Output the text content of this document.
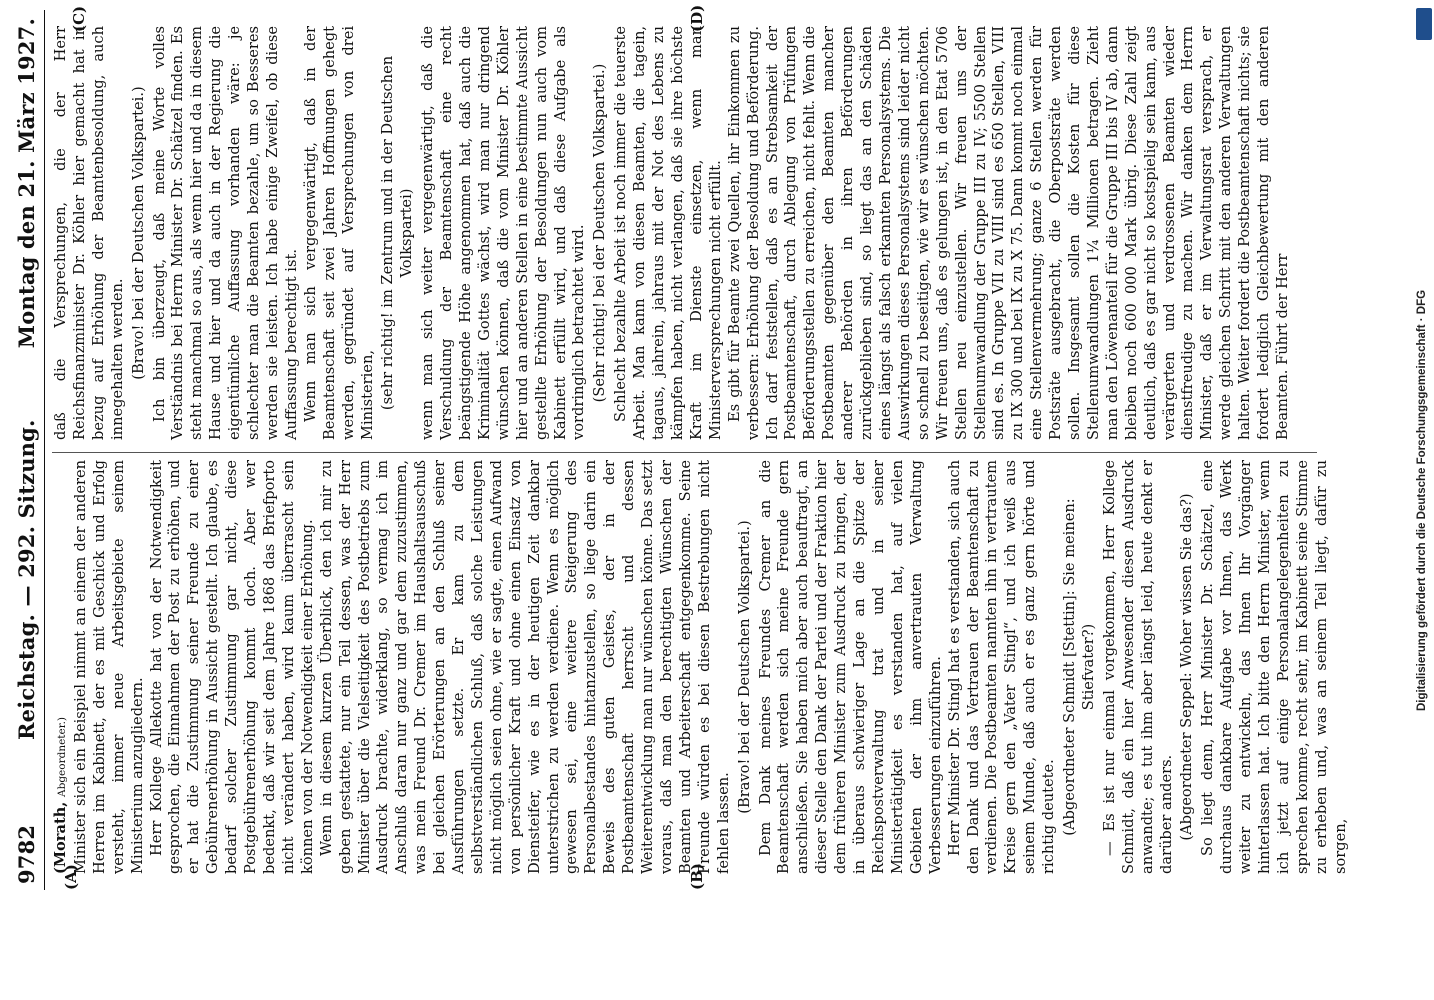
9782
Reichstag. — 292. Sitzung.
Montag den 21. März 1927.
(A)	(B)
(C)	(D)

(Morath, Abgeordneter.) Minister sich ein Beispiel nimmt an einem der anderen Herren im Kabinett, der es mit Geschick und Erfolg versteht, immer neue Arbeitsgebiete seinem Ministerium anzugliedern. Herr Kollege Allekotte hat von der Notwendigkeit gesprochen, die Einnahmen der Post zu erhöhen, und er hat die Zustimmung seiner Freunde zu einer Gebührenerhöhung in Aussicht gestellt. Ich glaube, es bedarf solcher Zustimmung gar nicht, diese Postgebührenerhöhung kommt doch. Aber wer bedenkt, daß wir seit dem Jahre 1868 das Briefporto nicht verändert haben, wird kaum überrascht sein können von der Notwendigkeit einer Erhöhung. Wenn in diesem kurzen Überblick, den ich mir zu geben gestattete, nur ein Teil dessen, was der Herr Minister über die Vielseitigkeit des Postbetriebs zum Ausdruck brachte, widerklang, so vermag ich im Anschluß daran nur ganz und gar dem zuzustimmen, was mein Freund Dr. Cremer im Haushaltsausschuß bei gleichen Erörterungen an den Schluß seiner Ausführungen setzte. Er kam zu dem selbstverständlichen Schluß, daß solche Leistungen nicht möglich seien ohne, wie er sagte, einen Aufwand von persönlicher Kraft und ohne einen Einsatz von Diensteifer, wie es in der heutigen Zeit dankbar unterstrichen zu werden verdiene. Wenn es möglich gewesen sei, eine weitere Steigerung des Personalbestandes hintanzustellen, so liege darin ein Beweis des guten Geistes, der in der Postbeamtenschaft herrscht und dessen Weiterentwicklung man nur wünschen könne. Das setzt voraus, daß man den berechtigten Wünschen der Beamten und Arbeiterschaft entgegenkomme. Seine Freunde würden es bei diesen Bestrebungen nicht fehlen lassen.

(Bravo! bei der Deutschen Volkspartei.) Dem Dank meines Freundes Cremer an die Beamtenschaft werden sich meine Freunde gern anschließen. Sie haben mich aber auch beauftragt, an dieser Stelle den Dank der Partei und der Fraktion hier dem früheren Minister zum Ausdruck zu bringen, der in überaus schwieriger Lage an die Spitze der Reichspostverwaltung trat und in seiner Ministertätigkeit es verstanden hat, auf vielen Gebieten der ihm anvertrauten Verwaltung Verbesserungen einzuführen. Herr Minister Dr. Stingl hat es verstanden, sich auch den Dank und das Vertrauen der Beamtenschaft zu verdienen. Die Postbeamten nannten ihn in vertrautem Kreise gern den „Vater Stingl“, und ich weiß aus seinem Munde, daß auch er es ganz gern hörte und richtig deutete. (Abgeordneter Schmidt [Stettin]: Sie meinen: Stiefvater?) — Es ist nur einmal vorgekommen, Herr Kollege Schmidt, daß ein hier Anwesender diesen Ausdruck anwandte; es tut ihm aber längst leid, heute denkt er darüber anders. (Abgeordneter Seppel: Woher wissen Sie das?) So liegt denn, Herr Minister Dr. Schätzel, eine durchaus dankbare Aufgabe vor Ihnen, das Werk weiter zu entwickeln, das Ihnen Ihr Vorgänger hinterlassen hat. Ich bitte den Herrn Minister, wenn ich jetzt auf einige Personalangelegenheiten zu sprechen komme, recht sehr, im Kabinett seine Stimme zu erheben und, was an seinem Teil liegt, dafür zu sorgen,

daß die Versprechungen, die der Herr Reichsfinanzminister Dr. Köhler hier gemacht hat in bezug auf Erhöhung der Beamtenbesoldung, auch innegehalten werden. (Bravo! bei der Deutschen Volkspartei.) Ich bin überzeugt, daß meine Worte volles Verständnis bei Herrn Minister Dr. Schätzel finden. Es steht manchmal so aus, als wenn hier und da in diesem Hause und hier und da auch in der Regierung die eigentümliche Auffassung vorhanden wäre: je schlechter man die Beamten bezahle, um so Besseres werden sie leisten. Ich habe einige Zweifel, ob diese Auffassung berechtigt ist. Wenn man sich vergegenwärtigt, daß in der Beamtenschaft seit zwei Jahren Hoffnungen gehegt werden, gegründet auf Versprechungen von drei Ministerien, (sehr richtig! im Zentrum und in der Deutschen Volkspartei) wenn man sich weiter vergegenwärtigt, daß die Verschuldung der Beamtenschaft eine recht beängstigende Höhe angenommen hat, daß auch die Kriminalität Gottes wächst, wird man nur dringend wünschen können, daß die vom Minister Dr. Köhler hier und an anderen Stellen in eine bestimmte Aussicht gestellte Erhöhung der Besoldungen nun auch vom Kabinett erfüllt wird, und daß diese Aufgabe als vordringlich betrachtet wird. (Sehr richtig! bei der Deutschen Volkspartei.) Schlecht bezahlte Arbeit ist noch immer die teuerste Arbeit. Man kann von diesen Beamten, die tagein, tagaus, jahrein, jahraus mit der Not des Lebens zu kämpfen haben, nicht verlangen, daß sie ihre höchste Kraft im Dienste einsetzen, wenn man Ministerversprechungen nicht erfüllt. Es gibt für Beamte zwei Quellen, ihr Einkommen zu verbessern: Erhöhung der Besoldung und Beförderung. Ich darf feststellen, daß es an Strebsamkeit der Postbeamtenschaft, durch Ablegung von Prüfungen Beförderungsstellen zu erreichen, nicht fehlt. Wenn die Postbeamten gegenüber den Beamten mancher anderer Behörden in ihren Beförderungen zurückgeblieben sind, so liegt das an den Schäden eines längst als falsch erkannten Personalsystems. Die Auswirkungen dieses Personalsystems sind leider nicht so schnell zu beseitigen, wie wir es wünschen möchten. Wir freuen uns, daß es gelungen ist, in den Etat 5706 Stellen neu einzustellen. Wir freuen uns der Stellenumwandlung der Gruppe III zu IV; 5500 Stellen sind es. In Gruppe VII zu VIII sind es 650 Stellen, VIII zu IX 300 und bei IX zu X 75. Dann kommt noch einmal eine Stellenvermehrung; ganze 6 Stellen werden für Postsräte ausgebracht, die Oberpostsräte werden sollen. Insgesamt sollen die Kosten für diese Stellenumwandlungen 1¼ Millionen betragen. Zieht man den Löwenanteil für die Gruppe III bis IV ab, dann bleiben noch 600 000 Mark übrig. Diese Zahl zeigt deutlich, daß es gar nicht so kostspielig sein kann, aus verärgerten und verdrossenen Beamten wieder dienstfreudige zu machen. Wir danken dem Herrn Minister, daß er im Verwaltungsrat versprach, er werde gleichen Schritt mit den anderen Verwaltungen halten. Weiter fordert die Postbeamtenschaft nichts; sie fordert lediglich Gleichbewertung mit den anderen Beamten. Führt der Herr	Digitalisierung gefördert durch die Deutsche Forschungsgemeinschaft · DFG
